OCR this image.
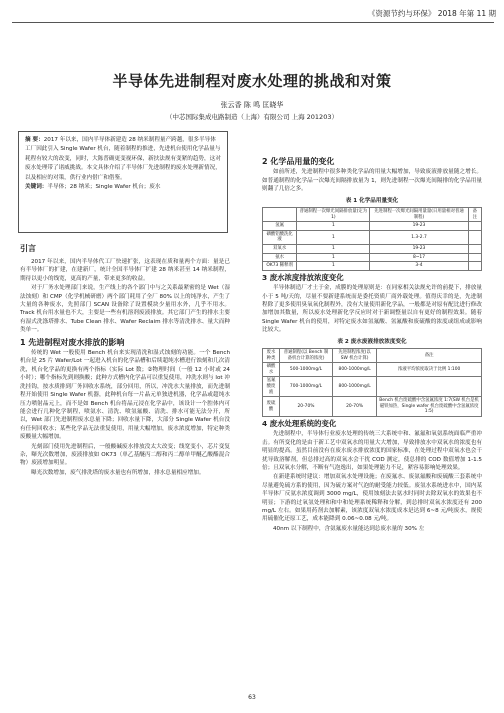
《资源节约与环保》 2018 年第 11 期
半导体先进制程对废水处理的挑战和对策
张云香 陈 鸣 匡晓华
（中芯国际集成电路制造（上海）有限公司 上海 201203）
摘 要：2017 年以来，国内半导体新建造 28 纳米制程量产跨越，很多半导体工厂因此引入 Single Wafer 机台，随着制程的推进，先进机台使用化学品量与耗程有较大的改变，同时，大陈普确更变视环保，新扶法规有变紧的趋势，这对废水处理带了诸威挑战。本文具体介绍了半导体厂先进制程的废水处理新情况，以及相应的对策，供行业内借广和借鉴。
关键词：半导体；28 纳米；Single Wafer 机台；废水
引言

2017 年以来，国内半导体代工厂快速扩张，这表现在质和量两个方面：量是已有半导体厂的扩建，在建新厂，统计全国半导体厂扩建 28 纳米甚至 14 纳米制程，期待以更小的线宽，更高的产量，带来更多的收益。

对于厂务水处理部门来说，生产线上的各个部门中与之关系最紧密的是 Wet（湿法蚀刻）和 CMP（化学机械研磨）两个部门耗用了全厂 80% 以上的纯净水，产生了大量的各种废水，先照部门 SCAN 设备除了设置模块少量用水外，几乎不用水。Track 机台用水量也不大，主要是一些有机溶剂废液排放。其它部门产生的排水主要有湿式洗涤塔排水、Tube Clean 排水、Wafer Reclaim 排水等清洗排水、量大而种类单一。

1 先进制程对废水排放的影响

传统的 Wet 一般使用 Bench 机台来实现清洗和湿式蚀刻的功能。一个 Bench 机台是 25 片 Wafer/Lot 一起进入机台的化学品槽和后续超纯水槽进行蚀刻和几次清洗，机台化学品的更换有两个指标（实际 Lot 数；②物理时间（一般 12 小时或 24 小时）；哪个指标先到则换酸；此种方式槽内化学品可以重复使用，冲洗水则与 lot 冲洗挂钩，按水质排到厂务回收水系统，部分回用，所以，冲洗水大量排放，而先进制程开始使用 Single Wafer 机器，此种机台每一片晶元单独进机器，化学品或超纯水压力喷射晶元上，而不是如 Bench 机台将晶元浸在化学品中，该设计一个腔体内可能会进行几种化学制程，喷氨水、清洗、喷氢氟酸、清洗、排水可能无法分开，所以，Wet 部门先进制程废水总量下降；回收水量下降，大部分 Single Wafer 机台没有任何回收水；某些化学品无法重复使用，用量大幅增加，废水浓度增加，特定种类废酸量大幅增加。

光刻部门使用先进制程后，一般酸碱废水排放没太大改变；线宽变小，芯片变复杂，曝光次数增加，废液排放如 OK73（单乙基醚丙二醇和丙二醇单甲醚乙酸酯混合物）废液增加明显。

曝光次数增加，废气排洗塔的废水量也有所增加，排水总量相应增加。

2 化学品用量的变化

如前所述，先进制程中很多种类化学品的用量大幅增加，导致废液排放量随之增长。如普通制程的化学品一次爆光间隔排放量为 1，则先进制程一次爆光间隔排的化学品用量则翻了几倍之多。

表 1 化学品用量变化
	普通制程一次爆光间隔排放量(定为 1)	先进制程一次爆光间隔用量量(日用量相对普通制程)	备注
氢氟	1	19-23	
磷酸铝酸洗化液	1	1.3-2.7	
双氧水	1	19-23	
氨水	1	8~17	
OK73 稀释剂	1	3-4	
3 废水浓度排放浓度变化

半导体制造厂才土于金，成膜的处理原则是：在同家相关法规允许的前提下，排放量小于 5 吨/天的，尽量不要新建系统而是委托资质厂商外载处理。值得庆幸的是，先进制程除了更多使用臭氧氧化制程外，没有大量使用新化学品，一般都是对原有配比进行修改加增加其数量，所以废水处理新化学反应时对于新调整量以自有更好的制程效果。随着 Single Wafer 机台的使用，对特定废水如氢氟酸、氢氟酸和废硫酸的浓度或组成或影响比较大。

表 2 废水废液排放浓度变化
废水种类	普通制程(以 Bench 制备机台计算的浓度)	先进制程浓度(以 SW 机台计算)	备注
磷酸水	500-1000mg/L	800-1000mg/L	浓液平均浓度取决于比例 1:100
氢氟酸废液	700-1000mg/L	800-1000mg/L	
废硫酸	20-70%	20-70%	Bench 机台废硫酸中含氢氟浓度 1:7(SW 机台是机磁铁加热，Single wafer 机台废硫酸中含氢氟浓度 1:5)
4 废水处理系统的变化

先进制程中，半导体行业废水处理的传统三大系统中和、氟氟和氧氨系统面临严重冲击。有所变化的是由于新工艺中双氧水的用量大大增加，导致排放水中双氧水的浓度也有明显的提高。虽然目前没有在废水废水排放浓度的国家标准，在处理过程中双氧水也会干扰导致溶解剂，但总排过高的双氧水会干扰 COD 测定，使总排的 COD 数值增加 1-1.5 倍；且双氧水分解，不断有气泡逸出，如果处理能力不足，紧容易影响处理效果。

在新建系统时建议：增加双氧水处理设施；在废氟水、废氨氟酸和废硫酸三套系统中尽量避免硫方系的使用，因为硫方案对气泡的耐受能力较低。废氢水系统进水中，国内某半导体厂反氨水浓度调到 3000 mg/L，使用蚀刻法去氨水时同时去除双氧水的效果也不明显；下游的过氧氢处理和和中和处理系统稀释和分解，到总排时双氧水浓度还有 200 mg/L 左右。如果用药剂去加解素，该浓度双氧水浓度成本是达到 6~8 元/吨废水，规使用硫催化还原工艺，成本能降到 0.06~0.08 元/吨。

40nm 以下制程中，含氨氟废水量能达到总废水量的 30% 左

63
